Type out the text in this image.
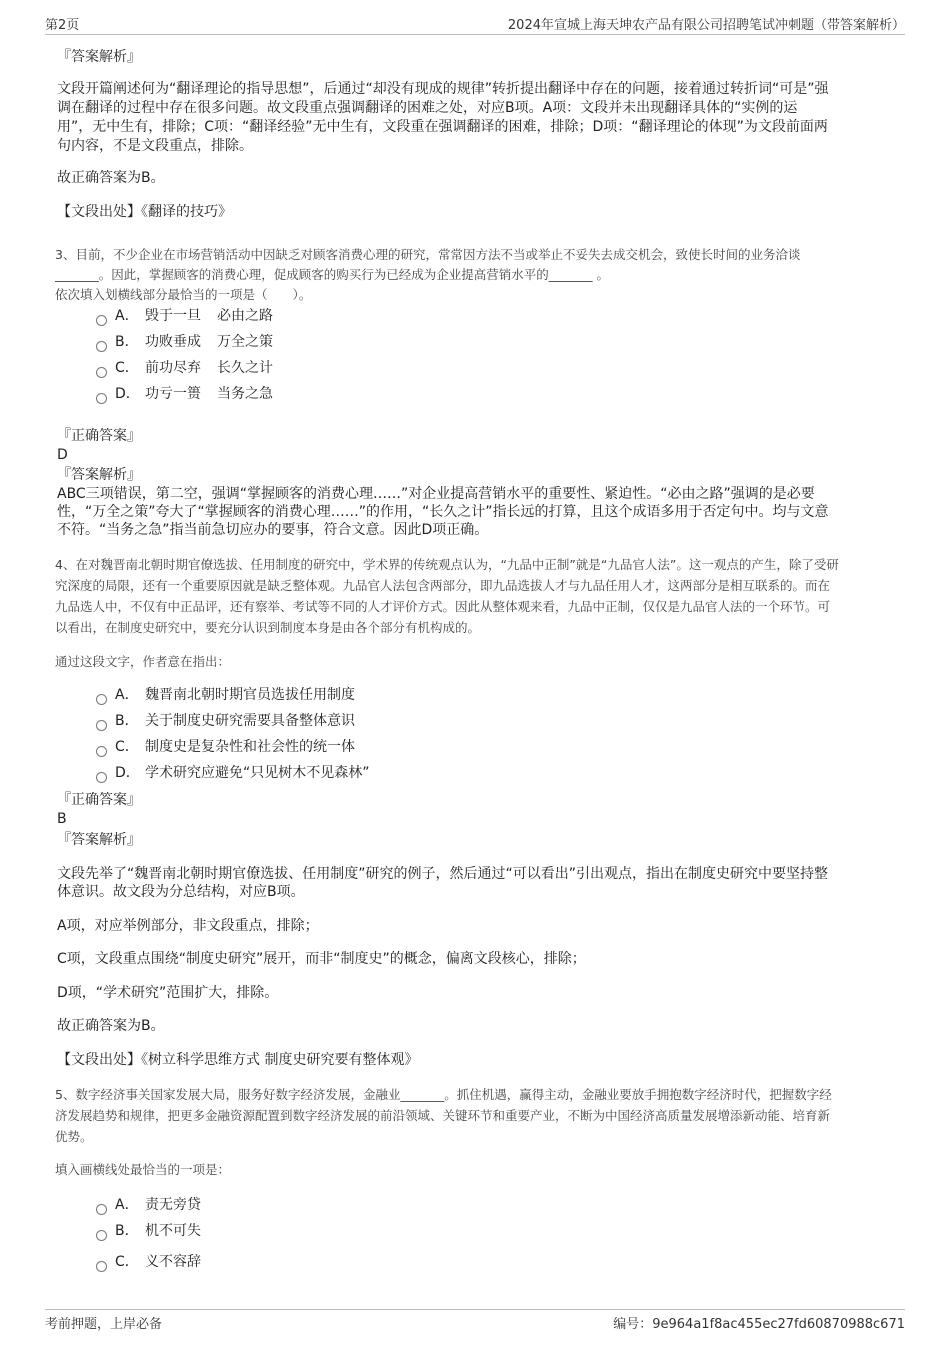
第2页	2024年宣城上海天坤农产品有限公司招聘笔试冲刺题（带答案解析）
『答案解析』
文段开篇阐述何为“翻译理论的指导思想”，后通过“却没有现成的规律”转折提出翻译中存在的问题，接着通过转折词“可是”强
调在翻译的过程中存在很多问题。故文段重点强调翻译的困难之处，对应B项。A项：文段并未出现翻译具体的“实例的运
用”，无中生有，排除；C项：“翻译经验”无中生有，文段重在强调翻译的困难，排除；D项：“翻译理论的体现”为文段前面两
句内容，不是文段重点，排除。
故正确答案为B。
【文段出处】《翻译的技巧》
3、目前，不少企业在市场营销活动中因缺乏对顾客消费心理的研究，常常因方法不当或举止不妥失去成交机会，致使长时间的业务洽谈
_______。因此，掌握顾客的消费心理，促成顾客的购买行为已经成为企业提高营销水平的_______ 。
依次填入划横线部分最恰当的一项是（　　）。
A． 毁于一旦 必由之路
B． 功败垂成 万全之策
C． 前功尽弃 长久之计
D． 功亏一篑 当务之急
『正确答案』
D
『答案解析』
ABC三项错误，第二空，强调“掌握顾客的消费心理……”对企业提高营销水平的重要性、紧迫性。“必由之路”强调的是必要
性，“万全之策”夸大了“掌握顾客的消费心理……”的作用，“长久之计”指长远的打算，且这个成语多用于否定句中。均与文意
不符。“当务之急”指当前急切应办的要事，符合文意。因此D项正确。
4、在对魏晋南北朝时期官僚选拔、任用制度的研究中，学术界的传统观点认为，“九品中正制”就是“九品官人法”。这一观点的产生，除了受研
究深度的局限，还有一个重要原因就是缺乏整体观。九品官人法包含两部分，即九品选拔人才与九品任用人才，这两部分是相互联系的。而在
九品选人中，不仅有中正品评，还有察举、考试等不同的人才评价方式。因此从整体观来看，九品中正制，仅仅是九品官人法的一个环节。可
以看出，在制度史研究中，要充分认识到制度本身是由各个部分有机构成的。
通过这段文字，作者意在指出：
A． 魏晋南北朝时期官员选拔任用制度
B． 关于制度史研究需要具备整体意识
C． 制度史是复杂性和社会性的统一体
D． 学术研究应避免“只见树木不见森林”
『正确答案』
B
『答案解析』
文段先举了“魏晋南北朝时期官僚选拔、任用制度”研究的例子，然后通过“可以看出”引出观点，指出在制度史研究中要坚持整
体意识。故文段为分总结构，对应B项。
A项，对应举例部分，非文段重点，排除；
C项，文段重点围绕“制度史研究”展开，而非“制度史”的概念，偏离文段核心，排除；
D项，“学术研究”范围扩大，排除。
故正确答案为B。
【文段出处】《树立科学思维方式 制度史研究要有整体观》
5、数字经济事关国家发展大局，服务好数字经济发展，金融业_______。抓住机遇，赢得主动，金融业要放手拥抱数字经济时代，把握数字经
济发展趋势和规律，把更多金融资源配置到数字经济发展的前沿领域、关键环节和重要产业，不断为中国经济高质量发展增添新动能、培育新
优势。
填入画横线处最恰当的一项是：
A． 责无旁贷
B． 机不可失
C． 义不容辞
考前押题，上岸必备	编号：9e964a1f8ac455ec27fd60870988c671
